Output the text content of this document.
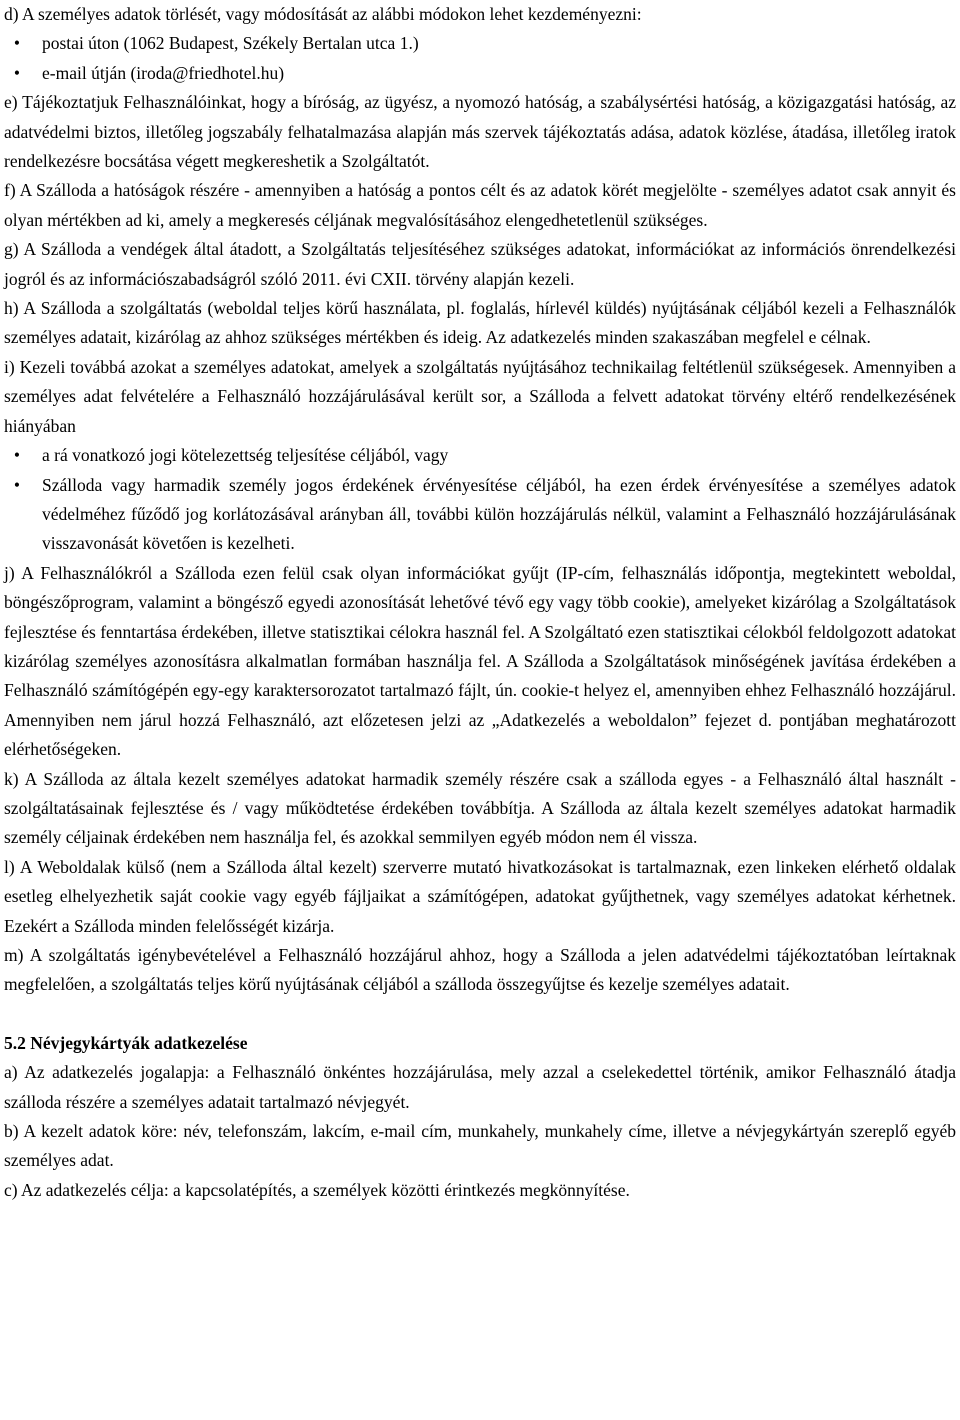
d) A személyes adatok törlését, vagy módosítását az alábbi módokon lehet kezdeményezni:

• postai úton (1062 Budapest, Székely Bertalan utca 1.)
• e-mail útján (iroda@friedhotel.hu)

e) Tájékoztatjuk Felhasználóinkat, hogy a bíróság, az ügyész, a nyomozó hatóság, a szabálysértési hatóság, a közigazgatási hatóság, az adatvédelmi biztos, illetőleg jogszabály felhatalmazása alapján más szervek tájékoztatás adása, adatok közlése, átadása, illetőleg iratok rendelkezésre bocsátása végett megkereshetik a Szolgáltatót.

f) A Szálloda a hatóságok részére - amennyiben a hatóság a pontos célt és az adatok körét megjelölte - személyes adatot csak annyit és olyan mértékben ad ki, amely a megkeresés céljának megvalósításához elengedhetetlenül szükséges.

g) A Szálloda a vendégek által átadott, a Szolgáltatás teljesítéséhez szükséges adatokat, információkat az információs önrendelkezési jogról és az információszabadságról szóló 2011. évi CXII. törvény alapján kezeli.

h) A Szálloda a szolgáltatás (weboldal teljes körű használata, pl. foglalás, hírlevél küldés) nyújtásának céljából kezeli a Felhasználók személyes adatait, kizárólag az ahhoz szükséges mértékben és ideig. Az adatkezelés minden szakaszában megfelel e célnak.

i) Kezeli továbbá azokat a személyes adatokat, amelyek a szolgáltatás nyújtásához technikailag feltétlenül szükségesek. Amennyiben a személyes adat felvételére a Felhasználó hozzájárulásával került sor, a Szálloda a felvett adatokat törvény eltérő rendelkezésének hiányában

• a rá vonatkozó jogi kötelezettség teljesítése céljából, vagy
• Szálloda vagy harmadik személy jogos érdekének érvényesítése céljából, ha ezen érdek érvényesítése a személyes adatok védelméhez fűződő jog korlátozásával arányban áll, további külön hozzájárulás nélkül, valamint a Felhasználó hozzájárulásának visszavonását követően is kezelheti.

j) A Felhasználókról a Szálloda ezen felül csak olyan információkat gyűjt (IP-cím, felhasználás időpontja, megtekintett weboldal, böngészőprogram, valamint a böngésző egyedi azonosítását lehetővé tévő egy vagy több cookie), amelyeket kizárólag a Szolgáltatások fejlesztése és fenntartása érdekében, illetve statisztikai célokra használ fel. A Szolgáltató ezen statisztikai célokból feldolgozott adatokat kizárólag személyes azonosításra alkalmatlan formában használja fel. A Szálloda a Szolgáltatások minőségének javítása érdekében a Felhasználó számítógépén egy-egy karaktersorozatot tartalmazó fájlt, ún. cookie-t helyez el, amennyiben ehhez Felhasználó hozzájárul. Amennyiben nem járul hozzá Felhasználó, azt előzetesen jelzi az „Adatkezelés a weboldalon” fejezet d. pontjában meghatározott elérhetőségeken.

k) A Szálloda az általa kezelt személyes adatokat harmadik személy részére csak a szálloda egyes - a Felhasználó által használt - szolgáltatásainak fejlesztése és / vagy működtetése érdekében továbbítja. A Szálloda az általa kezelt személyes adatokat harmadik személy céljainak érdekében nem használja fel, és azokkal semmilyen egyéb módon nem él vissza.

l) A Weboldalak külső (nem a Szálloda által kezelt) szerverre mutató hivatkozásokat is tartalmaznak, ezen linkeken elérhető oldalak esetleg elhelyezhetik saját cookie vagy egyéb fájljaikat a számítógépen, adatokat gyűjthetnek, vagy személyes adatokat kérhetnek. Ezekért a Szálloda minden felelősségét kizárja.

m) A szolgáltatás igénybevételével a Felhasználó hozzájárul ahhoz, hogy a Szálloda a jelen adatvédelmi tájékoztatóban leírtaknak megfelelően, a szolgáltatás teljes körű nyújtásának céljából a szálloda összegyűjtse és kezelje személyes adatait.

5.2 Névjegykártyák adatkezelése

a) Az adatkezelés jogalapja: a Felhasználó önkéntes hozzájárulása, mely azzal a cselekedettel történik, amikor Felhasználó átadja szálloda részére a személyes adatait tartalmazó névjegyét.

b) A kezelt adatok köre: név, telefonszám, lakcím, e-mail cím, munkahely, munkahely címe, illetve a névjegykártyán szereplő egyéb személyes adat.

c) Az adatkezelés célja: a kapcsolatépítés, a személyek közötti érintkezés megkönnyítése.
